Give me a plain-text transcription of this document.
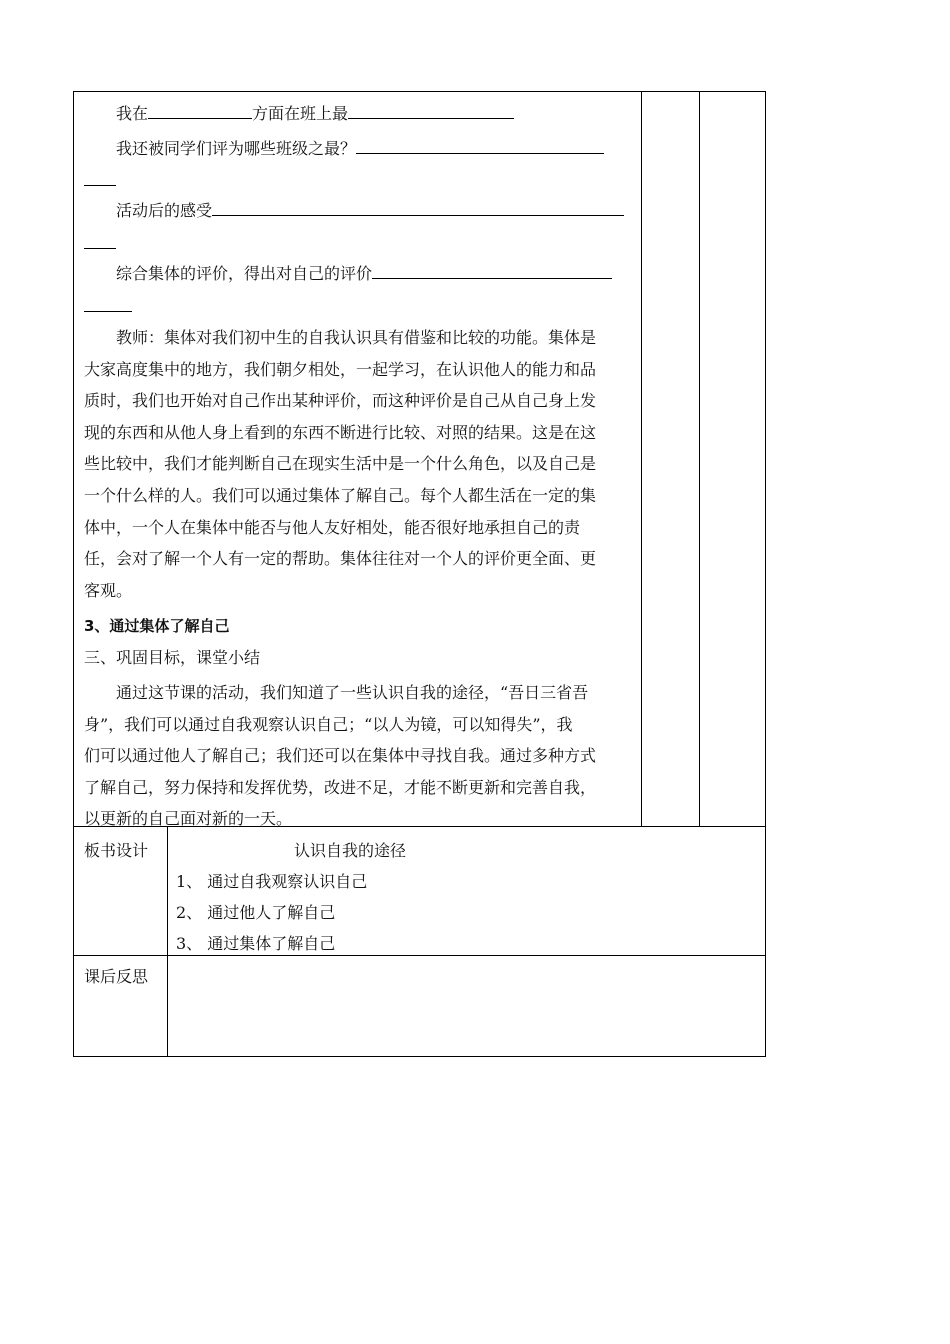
我在	方面在班上最
我还被同学们评为哪些班级之最？
活动后的感受
综合集体的评价，得出对自己的评价

教师：集体对我们初中生的自我认识具有借鉴和比较的功能。集体是

大家高度集中的地方，我们朝夕相处，一起学习，在认识他人的能力和品

质时，我们也开始对自己作出某种评价，而这种评价是自己从自己身上发

现的东西和从他人身上看到的东西不断进行比较、对照的结果。这是在这

些比较中，我们才能判断自己在现实生活中是一个什么角色，以及自己是

一个什么样的人。我们可以通过集体了解自己。每个人都生活在一定的集

体中，一个人在集体中能否与他人友好相处，能否很好地承担自己的责

任，会对了解一个人有一定的帮助。集体往往对一个人的评价更全面、更

客观。

3、通过集体了解自己
三、巩固目标，课堂小结

通过这节课的活动，我们知道了一些认识自我的途径，“吾日三省吾

身”，我们可以通过自我观察认识自己；“以人为镜，可以知得失”，我

们可以通过他人了解自己；我们还可以在集体中寻找自我。通过多种方式

了解自己，努力保持和发挥优势，改进不足，才能不断更新和完善自我，

以更新的自己面对新的一天。

板书设计	认识自我的途径
1、 通过自我观察认识自己
2、 通过他人了解自己
3、 通过集体了解自己
课后反思
